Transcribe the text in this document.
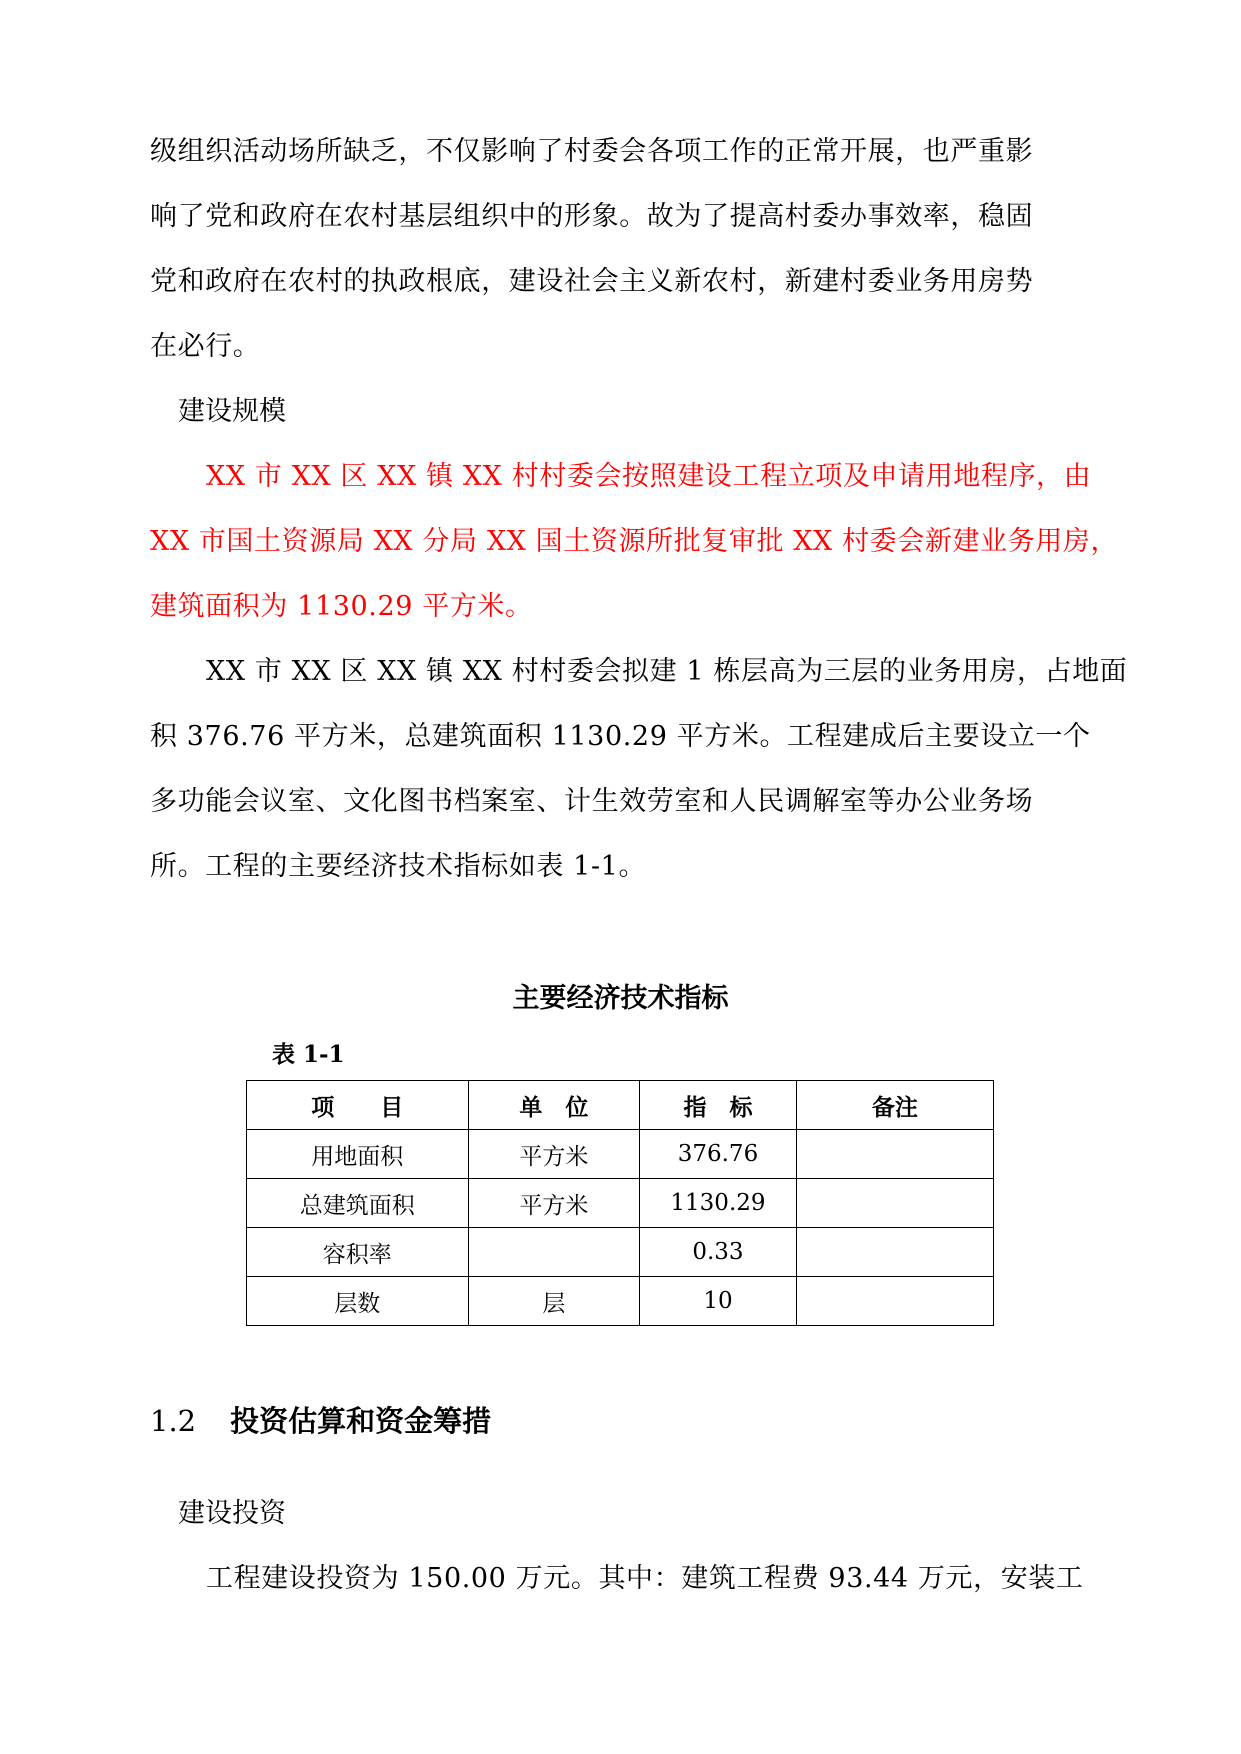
级组织活动场所缺乏，不仅影响了村委会各项工作的正常开展，也严重影
响了党和政府在农村基层组织中的形象。故为了提高村委办事效率，稳固
党和政府在农村的执政根底，建设社会主义新农村，新建村委业务用房势
在必行。
建设规模
XX 市 XX 区 XX 镇 XX 村村委会按照建设工程立项及申请用地程序，由
XX 市国土资源局 XX 分局 XX 国土资源所批复审批 XX 村委会新建业务用房，
建筑面积为 1130.29 平方米。
XX 市 XX 区 XX 镇 XX 村村委会拟建 1 栋层高为三层的业务用房，占地面
积 376.76 平方米，总建筑面积 1130.29 平方米。工程建成后主要设立一个
多功能会议室、文化图书档案室、计生效劳室和人民调解室等办公业务场
所。工程的主要经济技术指标如表 1-1。
主要经济技术指标
表 1-1
项　　目	单　位	指　标	备注
用地面积	平方米	376.76	
总建筑面积	平方米	1130.29	
容积率		0.33	
层数	层	10	
1.2 投资估算和资金筹措
建设投资
工程建设投资为 150.00 万元。其中：建筑工程费 93.44 万元，安装工
